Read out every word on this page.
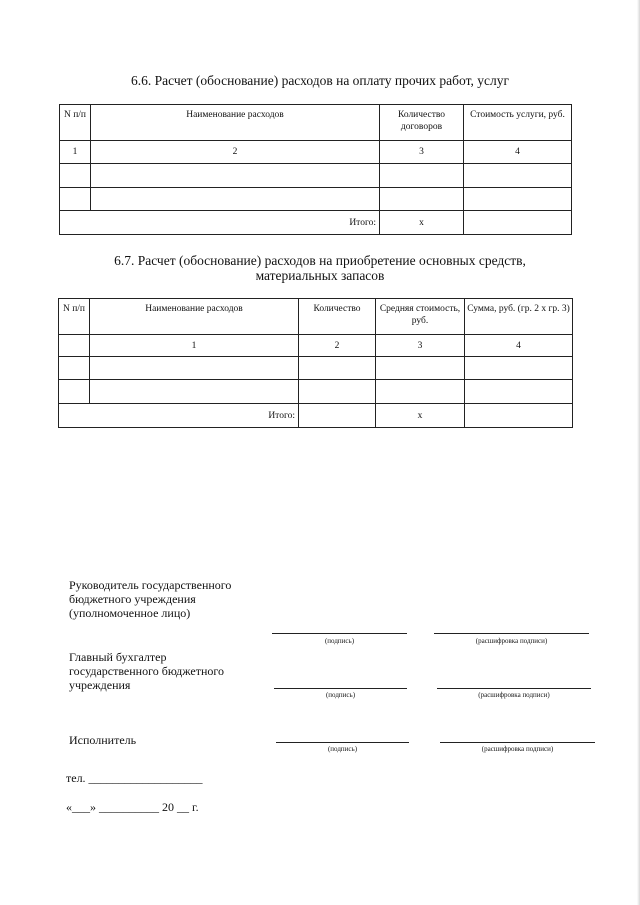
6.6. Расчет (обоснование) расходов на оплату прочих работ, услуг
N п/п	Наименование расходов	Количество договоров	Стоимость услуги, руб.
1	2	3	4

	Итого:	x	
6.7. Расчет (обоснование) расходов на приобретение основных средств,
материальных запасов
N п/п	Наименование расходов	Количество	Средняя стоимость, руб.	Сумма, руб. (гр. 2 х гр. 3)
	1	2	3	4

	Итого:		x	
Руководитель государственного
бюджетного учреждения
(уполномоченное лицо)
(подпись)	(расшифровка подписи)
Главный бухгалтер
государственного бюджетного
учреждения
(подпись)	(расшифровка подписи)
Исполнитель
(подпись)	(расшифровка подписи)
тел. ___________________
«___» __________ 20 __ г.
